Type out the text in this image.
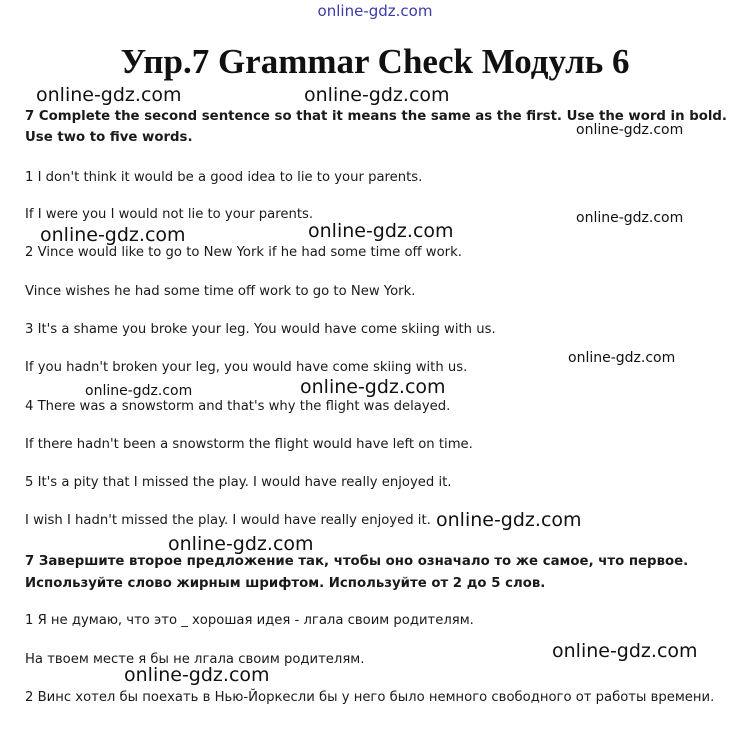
online-gdz.com
Упр.7 Grammar Check Модуль 6
7 Complete the second sentence so that it means the same as the first. Use the word in bold. Use two to five words.
1 I don't think it would be a good idea to lie to your parents.
If I were you I would not lie to your parents.
2 Vince would like to go to New York if he had some time off work.
Vince wishes he had some time off work to go to New York.
3 It's a shame you broke your leg. You would have come skiing with us.
If you hadn't broken your leg, you would have come skiing with us.
4 There was a snowstorm and that's why the flight was delayed.
If there hadn't been a snowstorm the flight would have left on time.
5 It's a pity that I missed the play. I would have really enjoyed it.
I wish I hadn't missed the play. I would have really enjoyed it.
7 Завершите второе предложение так, чтобы оно означало то же самое, что первое.
Используйте слово жирным шрифтом. Используйте от 2 до 5 слов.
1 Я не думаю, что это _ хорошая идея - лгала своим родителям.
На твоем месте я бы не лгала своим родителям.
2 Винс хотел бы поехать в Нью-Йоркесли бы у него было немного свободного от работы времени.
online-gdz.com	online-gdz.com
online-gdz.com
online-gdz.com
online-gdz.com	online-gdz.com
online-gdz.com
online-gdz.com
online-gdz.com
online-gdz.com
online-gdz.com
online-gdz.com
online-gdz.com
